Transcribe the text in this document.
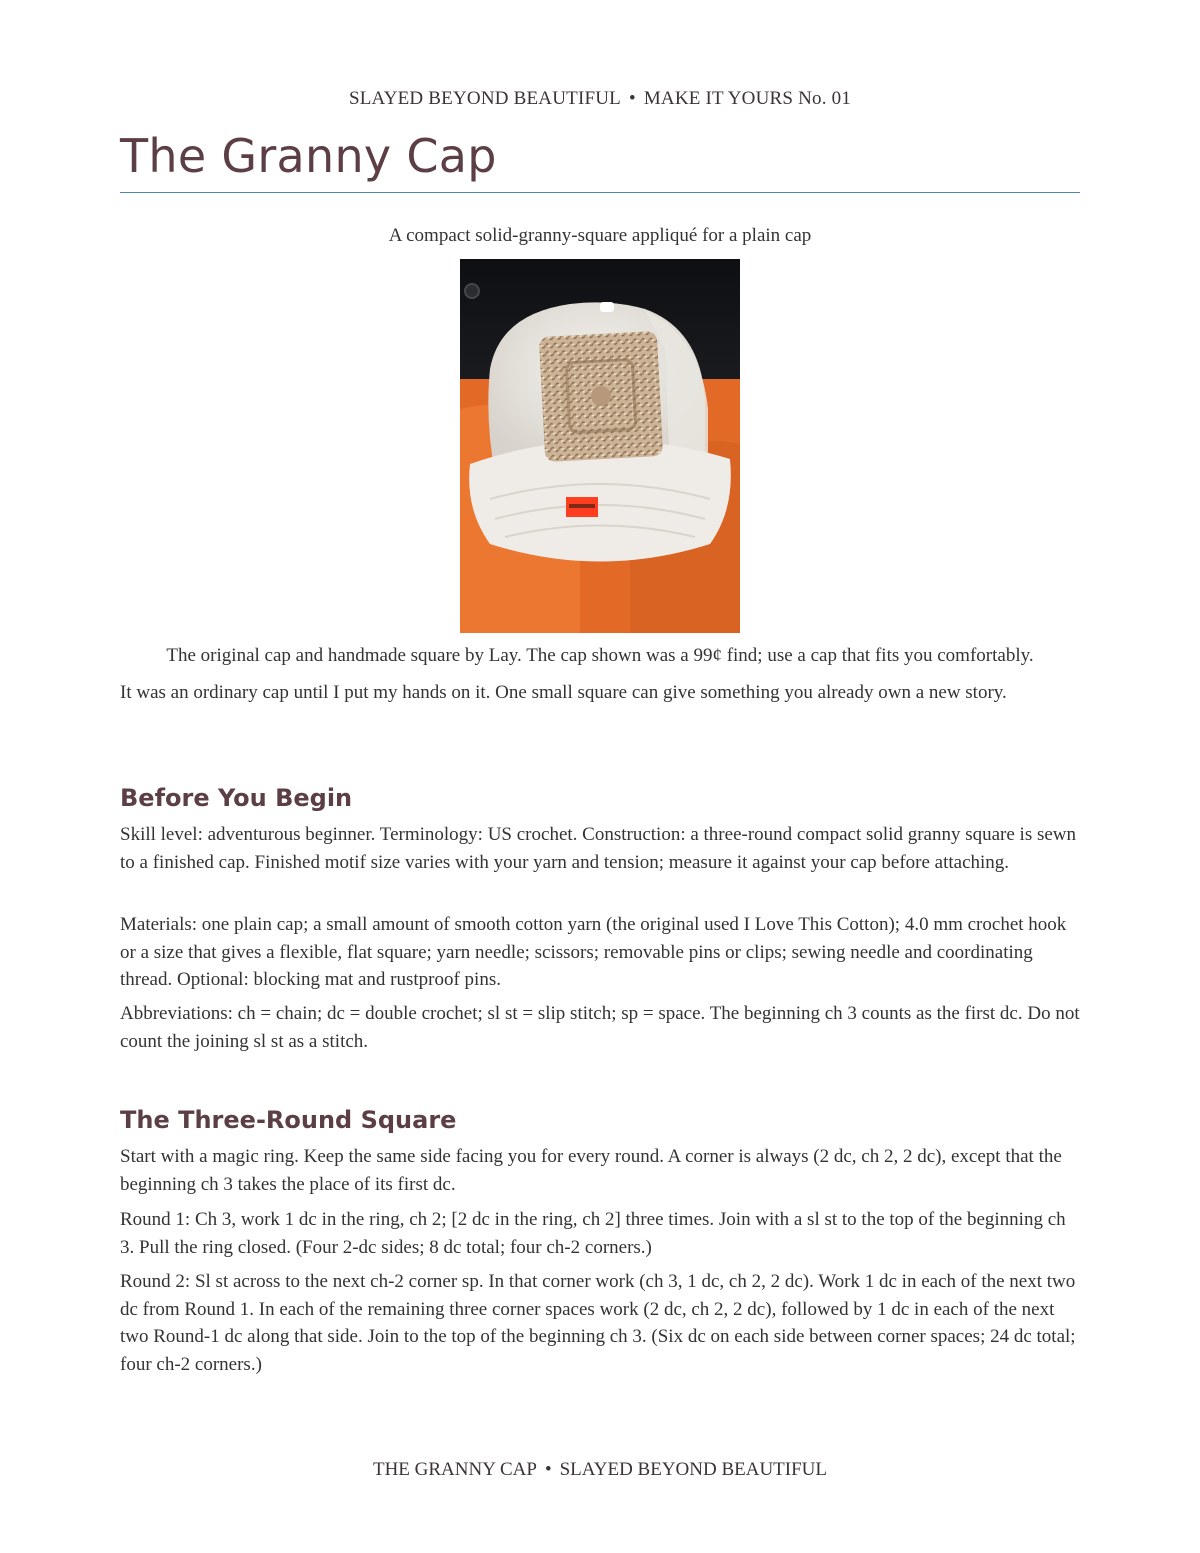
SLAYED BEYOND BEAUTIFUL • MAKE IT YOURS No. 01
The Granny Cap
A compact solid-granny-square appliqué for a plain cap
The original cap and handmade square by Lay. The cap shown was a 99¢ find; use a cap that fits you comfortably.

It was an ordinary cap until I put my hands on it. One small square can give something you already own a new story.

Before You Begin

Skill level: adventurous beginner. Terminology: US crochet. Construction: a three-round compact solid granny square is sewn to a finished cap. Finished motif size varies with your yarn and tension; measure it against your cap before attaching.

Materials: one plain cap; a small amount of smooth cotton yarn (the original used I Love This Cotton); 4.0 mm crochet hook or a size that gives a flexible, flat square; yarn needle; scissors; removable pins or clips; sewing needle and coordinating thread. Optional: blocking mat and rustproof pins.

Abbreviations: ch = chain; dc = double crochet; sl st = slip stitch; sp = space. The beginning ch 3 counts as the first dc. Do not count the joining sl st as a stitch.

The Three-Round Square

Start with a magic ring. Keep the same side facing you for every round. A corner is always (2 dc, ch 2, 2 dc), except that the beginning ch 3 takes the place of its first dc.

Round 1: Ch 3, work 1 dc in the ring, ch 2; [2 dc in the ring, ch 2] three times. Join with a sl st to the top of the beginning ch 3. Pull the ring closed. (Four 2-dc sides; 8 dc total; four ch-2 corners.)

Round 2: Sl st across to the next ch-2 corner sp. In that corner work (ch 3, 1 dc, ch 2, 2 dc). Work 1 dc in each of the next two dc from Round 1. In each of the remaining three corner spaces work (2 dc, ch 2, 2 dc), followed by 1 dc in each of the next two Round-1 dc along that side. Join to the top of the beginning ch 3. (Six dc on each side between corner spaces; 24 dc total; four ch-2 corners.)

THE GRANNY CAP • SLAYED BEYOND BEAUTIFUL
